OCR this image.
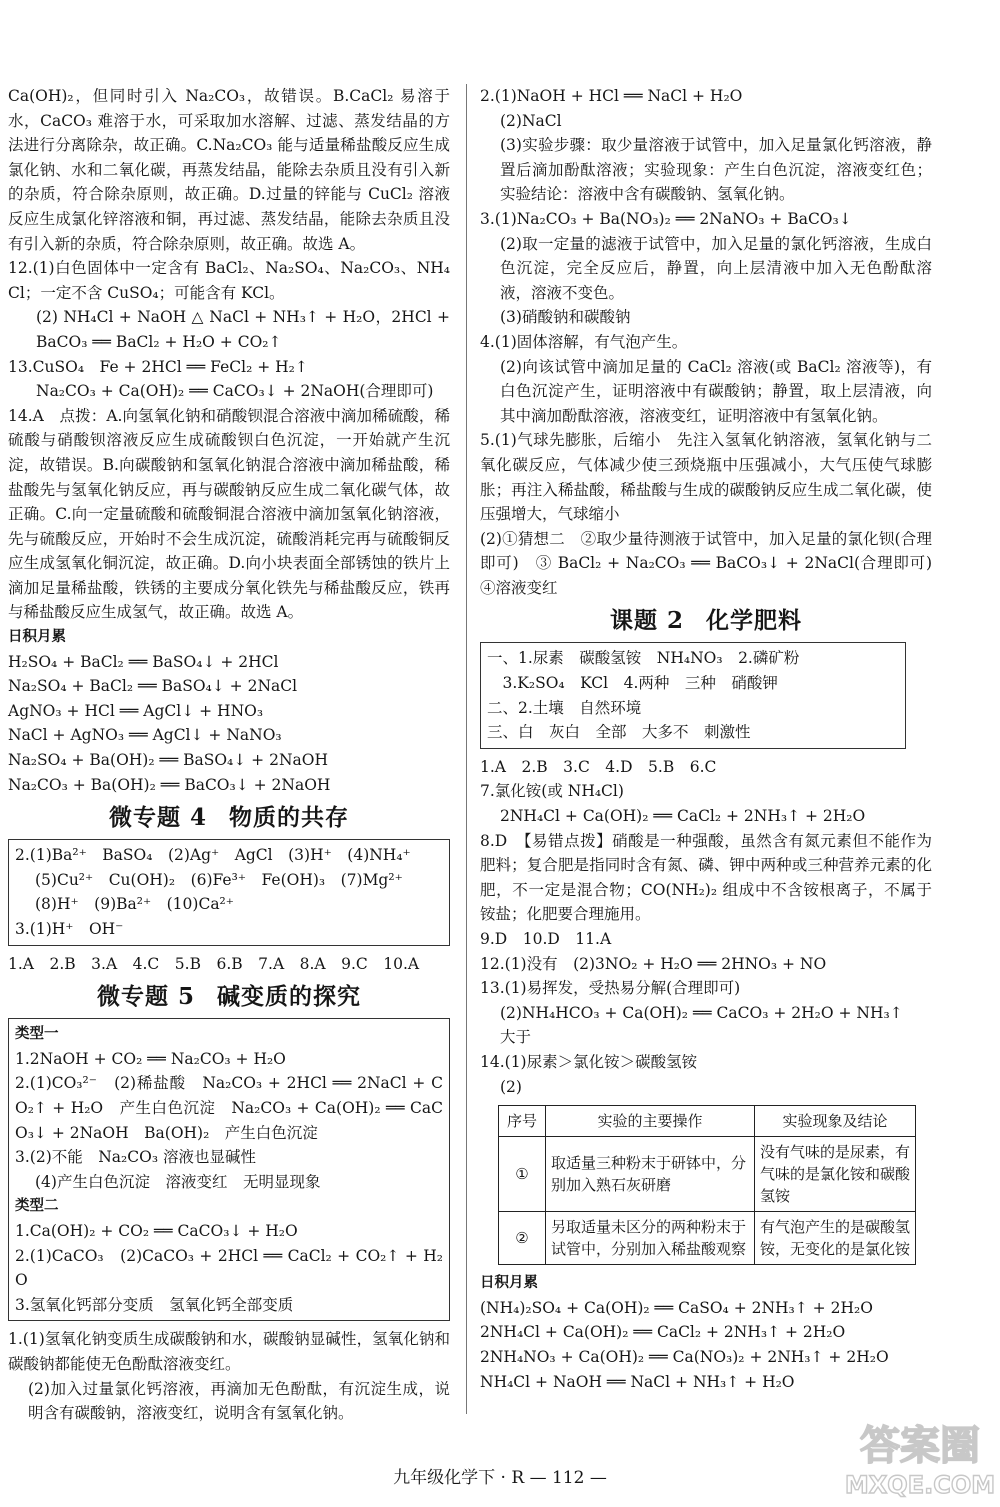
Ca(OH)₂，但同时引入 Na₂CO₃，故错误。B.CaCl₂ 易溶于水，CaCO₃ 难溶于水，可采取加水溶解、过滤、蒸发结晶的方法进行分离除杂，故正确。C.Na₂CO₃ 能与适量稀盐酸反应生成氯化钠、水和二氧化碳，再蒸发结晶，能除去杂质且没有引入新的杂质，符合除杂原则，故正确。D.过量的锌能与 CuCl₂ 溶液反应生成氯化锌溶液和铜，再过滤、蒸发结晶，能除去杂质且没有引入新的杂质，符合除杂原则，故正确。故选 A。

12.(1)白色固体中一定含有 BaCl₂、Na₂SO₄、Na₂CO₃、NH₄Cl；一定不含 CuSO₄；可能含有 KCl。

(2) NH₄Cl + NaOH △ NaCl + NH₃↑ + H₂O，2HCl + BaCO₃ ══ BaCl₂ + H₂O + CO₂↑

13.CuSO₄　Fe + 2HCl ══ FeCl₂ + H₂↑

Na₂CO₃ + Ca(OH)₂ ══ CaCO₃↓ + 2NaOH(合理即可)

14.A　点拨：A.向氢氧化钠和硝酸钡混合溶液中滴加稀硫酸，稀硫酸与硝酸钡溶液反应生成硫酸钡白色沉淀，一开始就产生沉淀，故错误。B.向碳酸钠和氢氧化钠混合溶液中滴加稀盐酸，稀盐酸先与氢氧化钠反应，再与碳酸钠反应生成二氧化碳气体，故正确。C.向一定量硫酸和硫酸铜混合溶液中滴加氢氧化钠溶液，先与硫酸反应，开始时不会生成沉淀，硫酸消耗完再与硫酸铜反应生成氢氧化铜沉淀，故正确。D.向小块表面全部锈蚀的铁片上滴加足量稀盐酸，铁锈的主要成分氧化铁先与稀盐酸反应，铁再与稀盐酸反应生成氢气，故正确。故选 A。

日积月累

H₂SO₄ + BaCl₂ ══ BaSO₄↓ + 2HCl

Na₂SO₄ + BaCl₂ ══ BaSO₄↓ + 2NaCl

AgNO₃ + HCl ══ AgCl↓ + HNO₃

NaCl + AgNO₃ ══ AgCl↓ + NaNO₃

Na₂SO₄ + Ba(OH)₂ ══ BaSO₄↓ + 2NaOH

Na₂CO₃ + Ba(OH)₂ ══ BaCO₃↓ + 2NaOH

微专题 4 物质的共存

2.(1)Ba²⁺　BaSO₄　(2)Ag⁺　AgCl　(3)H⁺　(4)NH₄⁺

(5)Cu²⁺　Cu(OH)₂　(6)Fe³⁺　Fe(OH)₃　(7)Mg²⁺

(8)H⁺　(9)Ba²⁺　(10)Ca²⁺

3.(1)H⁺　OH⁻

1.A　2.B　3.A　4.C　5.B　6.B　7.A　8.A　9.C　10.A

微专题 5 碱变质的探究

类型一

1.2NaOH + CO₂ ══ Na₂CO₃ + H₂O

2.(1)CO₃²⁻　(2)稀盐酸　Na₂CO₃ + 2HCl ══ 2NaCl + CO₂↑ + H₂O　产生白色沉淀　Na₂CO₃ + Ca(OH)₂ ══ CaCO₃↓ + 2NaOH　Ba(OH)₂　产生白色沉淀

3.(2)不能　Na₂CO₃ 溶液也显碱性

(4)产生白色沉淀　溶液变红　无明显现象

类型二

1.Ca(OH)₂ + CO₂ ══ CaCO₃↓ + H₂O

2.(1)CaCO₃　(2)CaCO₃ + 2HCl ══ CaCl₂ + CO₂↑ + H₂O

3.氢氧化钙部分变质　氢氧化钙全部变质

1.(1)氢氧化钠变质生成碳酸钠和水，碳酸钠显碱性，氢氧化钠和碳酸钠都能使无色酚酞溶液变红。

(2)加入过量氯化钙溶液，再滴加无色酚酞，有沉淀生成，说明含有碳酸钠，溶液变红，说明含有氢氧化钠。

2.(1)NaOH + HCl ══ NaCl + H₂O

(2)NaCl

(3)实验步骤：取少量溶液于试管中，加入足量氯化钙溶液，静置后滴加酚酞溶液；实验现象：产生白色沉淀，溶液变红色；实验结论：溶液中含有碳酸钠、氢氧化钠。

3.(1)Na₂CO₃ + Ba(NO₃)₂ ══ 2NaNO₃ + BaCO₃↓

(2)取一定量的滤液于试管中，加入足量的氯化钙溶液，生成白色沉淀，完全反应后，静置，向上层清液中加入无色酚酞溶液，溶液不变色。

(3)硝酸钠和碳酸钠

4.(1)固体溶解，有气泡产生。

(2)向该试管中滴加足量的 CaCl₂ 溶液(或 BaCl₂ 溶液等)，有白色沉淀产生，证明溶液中有碳酸钠；静置，取上层清液，向其中滴加酚酞溶液，溶液变红，证明溶液中有氢氧化钠。

5.(1)气球先膨胀，后缩小　先注入氢氧化钠溶液，氢氧化钠与二氧化碳反应，气体减少使三颈烧瓶中压强减小，大气压使气球膨胀；再注入稀盐酸，稀盐酸与生成的碳酸钠反应生成二氧化碳，使压强增大，气球缩小

(2)①猜想二　②取少量待测液于试管中，加入足量的氯化钡(合理即可)　③ BaCl₂ + Na₂CO₃ ══ BaCO₃↓ + 2NaCl(合理即可)　④溶液变红

课题 2 化学肥料

一、1.尿素　碳酸氢铵　NH₄NO₃　2.磷矿粉

　3.K₂SO₄　KCl　4.两种　三种　硝酸钾

二、2.土壤　自然环境

三、白　灰白　全部　大多不　刺激性

1.A　2.B　3.C　4.D　5.B　6.C

7.氯化铵(或 NH₄Cl)

2NH₄Cl + Ca(OH)₂ ══ CaCl₂ + 2NH₃↑ + 2H₂O

8.D　【易错点拨】硝酸是一种强酸，虽然含有氮元素但不能作为肥料；复合肥是指同时含有氮、磷、钾中两种或三种营养元素的化肥，不一定是混合物；CO(NH₂)₂ 组成中不含铵根离子，不属于铵盐；化肥要合理施用。

9.D　10.D　11.A

12.(1)没有　(2)3NO₂ + H₂O ══ 2HNO₃ + NO

13.(1)易挥发，受热易分解(合理即可)

(2)NH₄HCO₃ + Ca(OH)₂ ══ CaCO₃ + 2H₂O + NH₃↑

大于

14.(1)尿素＞氯化铵＞碳酸氢铵

(2)

序号	实验的主要操作	实验现象及结论
①	取适量三种粉末于研钵中，分别加入熟石灰研磨	没有气味的是尿素，有气味的是氯化铵和碳酸氢铵
②	另取适量未区分的两种粉末于试管中，分别加入稀盐酸观察	有气泡产生的是碳酸氢铵，无变化的是氯化铵

日积月累

(NH₄)₂SO₄ + Ca(OH)₂ ══ CaSO₄ + 2NH₃↑ + 2H₂O

2NH₄Cl + Ca(OH)₂ ══ CaCl₂ + 2NH₃↑ + 2H₂O

2NH₄NO₃ + Ca(OH)₂ ══ Ca(NO₃)₂ + 2NH₃↑ + 2H₂O

NH₄Cl + NaOH ══ NaCl + NH₃↑ + H₂O

九年级化学下 · R — 112 —
答案圈
MXQE.COM
